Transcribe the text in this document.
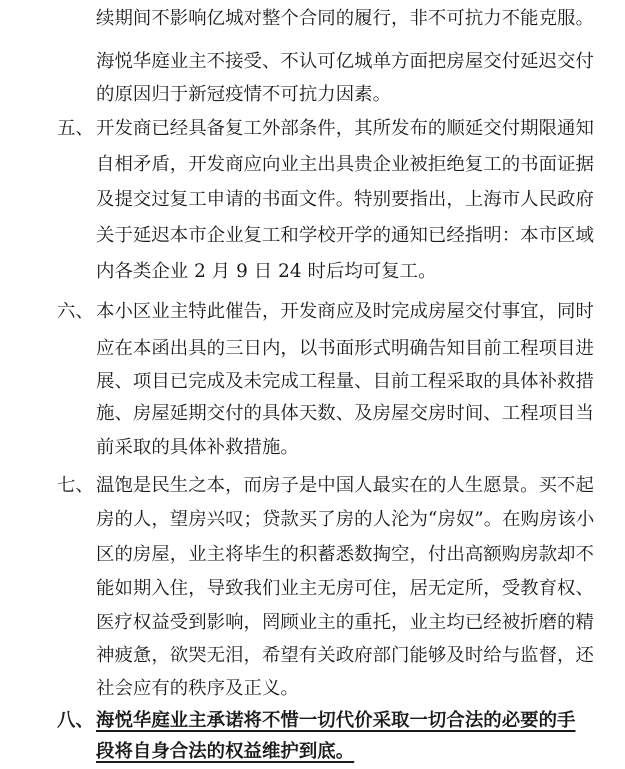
续期间不影响亿城对整个合同的履行，非不可抗力不能克服。
海悦华庭业主不接受、不认可亿城单方面把房屋交付延迟交付
的原因归于新冠疫情不可抗力因素。
五、 开发商已经具备复工外部条件，其所发布的顺延交付期限通知
自相矛盾，开发商应向业主出具贵企业被拒绝复工的书面证据
及提交过复工申请的书面文件。特别要指出，上海市人民政府
关于延迟本市企业复工和学校开学的通知已经指明：本市区域
内各类企业 2 月 9 日 24 时后均可复工。
六、 本小区业主特此催告，开发商应及时完成房屋交付事宜，同时
应在本函出具的三日内，以书面形式明确告知目前工程项目进
展、项目已完成及未完成工程量、目前工程采取的具体补救措
施、房屋延期交付的具体天数、及房屋交房时间、工程项目当
前采取的具体补救措施。
七、 温饱是民生之本，而房子是中国人最实在的人生愿景。买不起
房的人，望房兴叹；贷款买了房的人沦为“房奴”。在购房该小
区的房屋，业主将毕生的积蓄悉数掏空，付出高额购房款却不
能如期入住，导致我们业主无房可住，居无定所，受教育权、
医疗权益受到影响，罔顾业主的重托，业主均已经被折磨的精
神疲惫，欲哭无泪，希望有关政府部门能够及时给与监督，还
社会应有的秩序及正义。
八、 海悦华庭业主承诺将不惜一切代价采取一切合法的必要的手
段将自身合法的权益维护到底。
